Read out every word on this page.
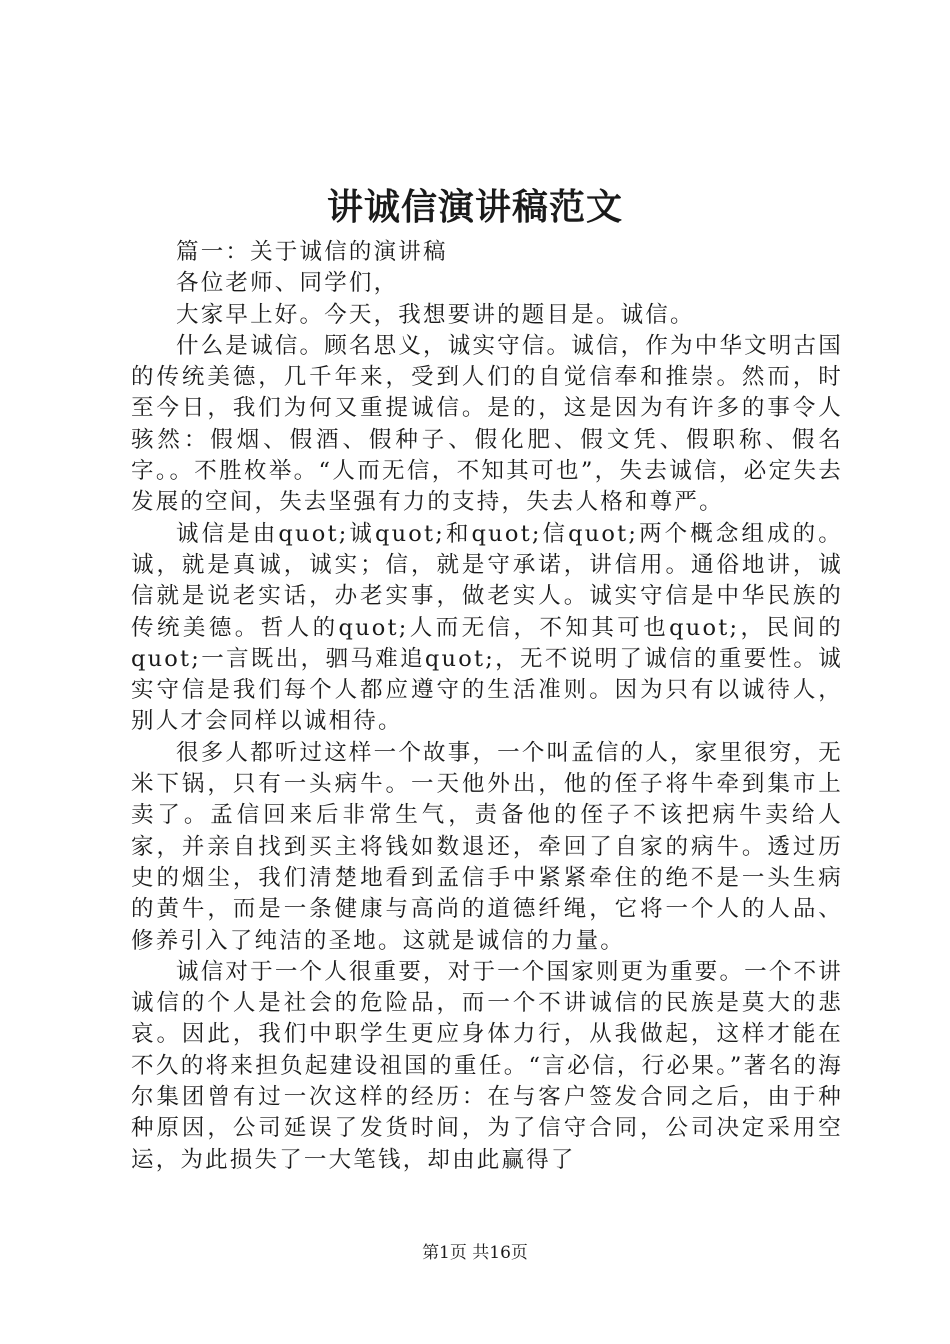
讲诚信演讲稿范文

篇一：关于诚信的演讲稿

各位老师、同学们，

大家早上好。今天，我想要讲的题目是。诚信。

什么是诚信。顾名思义，诚实守信。诚信，作为中华文明古国的传统美德，几千年来，受到人们的自觉信奉和推崇。然而，时至今日，我们为何又重提诚信。是的，这是因为有许多的事令人骇然：假烟、假酒、假种子、假化肥、假文凭、假职称、假名字。。不胜枚举。“人而无信，不知其可也”，失去诚信，必定失去发展的空间，失去坚强有力的支持，失去人格和尊严。

诚信是由quot;诚quot;和quot;信quot;两个概念组成的。诚，就是真诚，诚实；信，就是守承诺，讲信用。通俗地讲，诚信就是说老实话，办老实事，做老实人。诚实守信是中华民族的传统美德。哲人的quot;人而无信，不知其可也quot;，民间的quot;一言既出，驷马难追quot;，无不说明了诚信的重要性。诚实守信是我们每个人都应遵守的生活准则。因为只有以诚待人，别人才会同样以诚相待。

很多人都听过这样一个故事，一个叫孟信的人，家里很穷，无米下锅，只有一头病牛。一天他外出，他的侄子将牛牵到集市上卖了。孟信回来后非常生气，责备他的侄子不该把病牛卖给人家，并亲自找到买主将钱如数退还，牵回了自家的病牛。透过历史的烟尘，我们清楚地看到孟信手中紧紧牵住的绝不是一头生病的黄牛，而是一条健康与高尚的道德纤绳，它将一个人的人品、修养引入了纯洁的圣地。这就是诚信的力量。

诚信对于一个人很重要，对于一个国家则更为重要。一个不讲诚信的个人是社会的危险品，而一个不讲诚信的民族是莫大的悲哀。因此，我们中职学生更应身体力行，从我做起，这样才能在不久的将来担负起建设祖国的重任。“言必信，行必果。”著名的海尔集团曾有过一次这样的经历：在与客户签发合同之后，由于种种原因，公司延误了发货时间，为了信守合同，公司决定采用空运，为此损失了一大笔钱，却由此赢得了

第1页 共16页
